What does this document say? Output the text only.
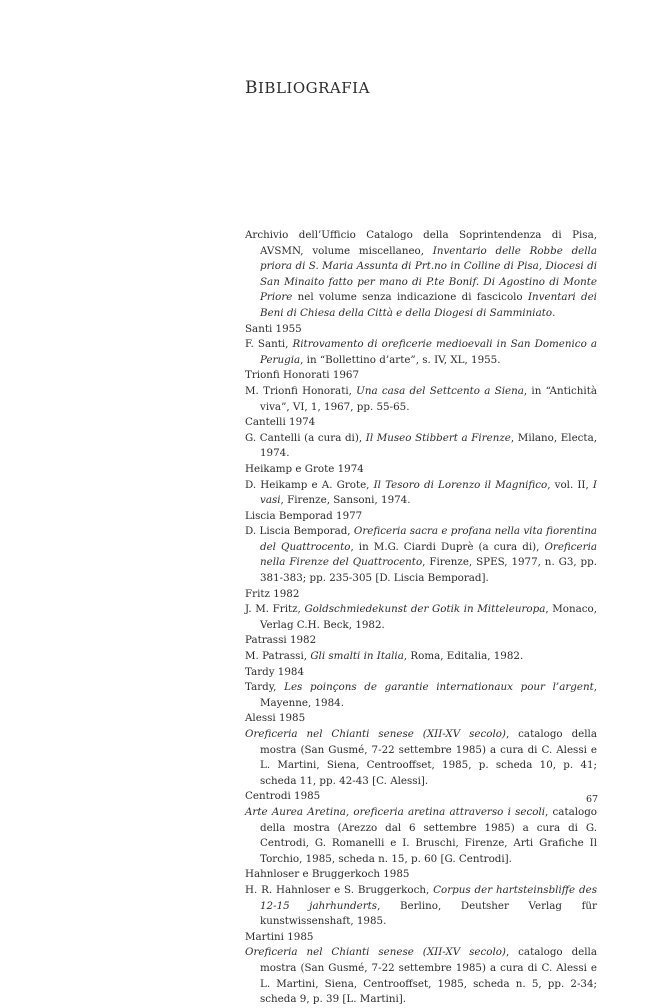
BIBLIOGRAFIA
Archivio dell’Ufficio Catalogo della Soprintendenza di Pisa, AVSMN, volume miscellaneo, Inventario delle Robbe della priora di S. Maria Assunta di Prt.no in Colline di Pisa, Diocesi di San Minaito fatto per mano di P.te Bonif. Di Agostino di Monte Priore nel volume senza indicazione di fascicolo Inventari dei Beni di Chiesa della Città e della Diogesi di Samminiato.
Santi 1955
F. Santi, Ritrovamento di oreficerie medioevali in San Domenico a Perugia, in “Bollettino d’arte”, s. IV, XL, 1955.
Trionfi Honorati 1967
M. Trionfi Honorati, Una casa del Settcento a Siena, in “Antichità viva”, VI, 1, 1967, pp. 55-65.
Cantelli 1974
G. Cantelli (a cura di), Il Museo Stibbert a Firenze, Milano, Electa, 1974.
Heikamp e Grote 1974
D. Heikamp e A. Grote, Il Tesoro di Lorenzo il Magnifico, vol. II, I vasi, Firenze, Sansoni, 1974.
Liscia Bemporad 1977
D. Liscia Bemporad, Oreficeria sacra e profana nella vita fiorentina del Quattrocento, in M.G. Ciardi Duprè (a cura di), Oreficeria nella Firenze del Quattrocento, Firenze, SPES, 1977, n. G3, pp. 381-383; pp. 235-305 [D. Liscia Bemporad].
Fritz 1982
J. M. Fritz, Goldschmiedekunst der Gotik in Mitteleuropa, Monaco, Verlag C.H. Beck, 1982.
Patrassi 1982
M. Patrassi, Gli smalti in Italia, Roma, Editalia, 1982.
Tardy 1984
Tardy, Les poinçons de garantie internationaux pour l’argent, Mayenne, 1984.
Alessi 1985
Oreficeria nel Chianti senese (XII-XV secolo), catalogo della mostra (San Gusmé, 7-22 settembre 1985) a cura di C. Alessi e L. Martini, Siena, Centrooffset, 1985, p. scheda 10, p. 41; scheda 11, pp. 42-43 [C. Alessi].
Centrodi 1985
Arte Aurea Aretina, oreficeria aretina attraverso i secoli, catalogo della mostra (Arezzo dal 6 settembre 1985) a cura di G. Centrodi, G. Romanelli e I. Bruschi, Firenze, Arti Grafiche Il Torchio, 1985, scheda n. 15, p. 60 [G. Centrodi].
Hahnloser e Bruggerkoch 1985
H. R. Hahnloser e S. Bruggerkoch, Corpus der hartsteinsbliffe des 12-15 jahrhunderts, Berlino, Deutsher Verlag für kunstwissenshaft, 1985.
Martini 1985
Oreficeria nel Chianti senese (XII-XV secolo), catalogo della mostra (San Gusmé, 7-22 settembre 1985) a cura di C. Alessi e L. Martini, Siena, Centrooffset, 1985, scheda n. 5, pp. 2-34; scheda 9, p. 39 [L. Martini].
67
